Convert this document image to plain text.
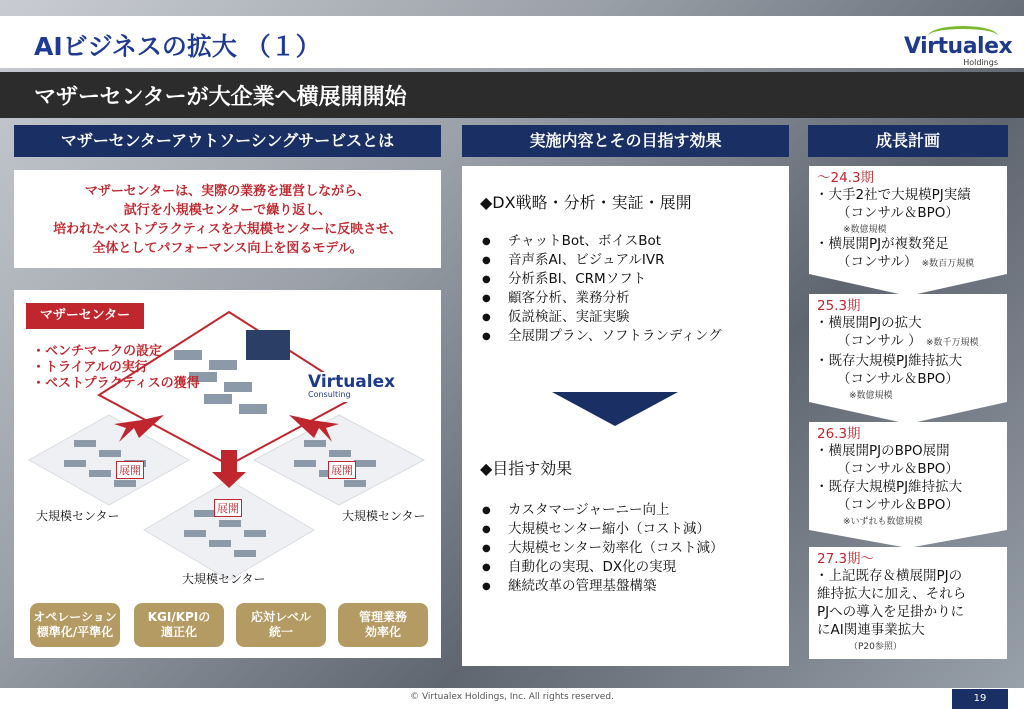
AIビジネスの拡大 （１）	Virtualex
Holdings
マザーセンターが大企業へ横展開開始
マザーセンターアウトソーシングサービスとは	実施内容とその目指す効果	成長計画
マザーセンターは、実際の業務を運営しながら、
試行を小規模センターで繰り返し、
培われたベストプラクティスを大規模センターに反映させ、
全体としてパフォーマンス向上を図るモデル。
マザーセンター
・ ベンチマークの設定
・ トライアルの実行
・ ベストプラクティスの獲得	Virtualex
Consulting
展開	展開
展開
大規模センター	大規模センター
大規模センター
オペレーション
標準化/平準化
KGI/KPIの
適正化
応対レベル
統一
管理業務
効率化
◆DX戦略・分析・実証・展開
● チャットBot、ボイスBot
● 音声系AI、ビジュアルIVR
● 分析系BI、CRMソフト
● 顧客分析、業務分析
● 仮説検証、実証実験
● 全展開プラン、ソフトランディング
◆目指す効果
● カスタマージャーニー向上
● 大規模センター縮小（コスト減）
● 大規模センター効率化（コスト減）
● 自動化の実現、DX化の実現
● 継続改革の管理基盤構築
～24.3期
・大手2社で大規模PJ実績
（コンサル＆BPO）
※数億規模
・横展開PJが複数発足
（コンサル） ※数百万規模
25.3期
・横展開PJの拡大
（コンサル ） ※数千万規模
・既存大規模PJ維持拡大
（コンサル＆BPO）
※数億規模
26.3期
・横展開PJのBPO展開
（コンサル＆BPO）
・既存大規模PJ維持拡大
（コンサル＆BPO）
※いずれも数億規模
27.3期～
・上記既存＆横展開PJの
維持拡大に加え、それら
PJへの導入を足掛かりに
にAI関連事業拡大
（P20参照）
© Virtualex Holdings, Inc. All rights reserved.	19
